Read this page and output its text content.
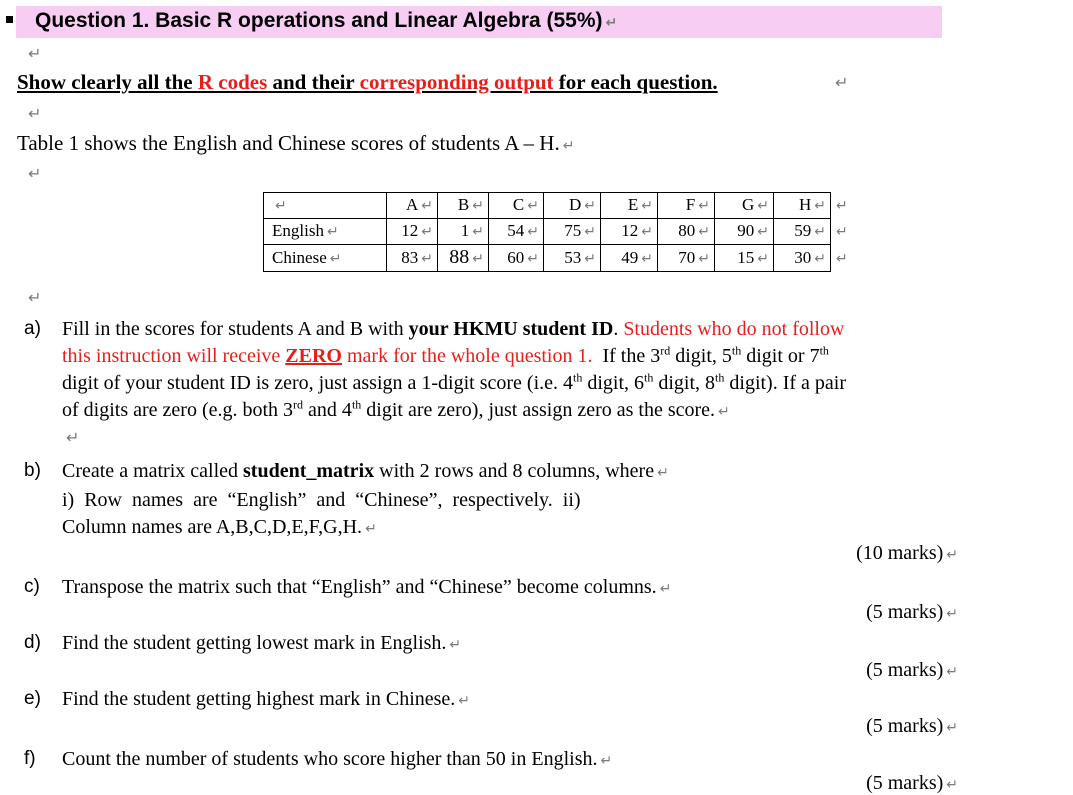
Question 1. Basic R operations and Linear Algebra (55%) ↵
↵
Show clearly all the R codes and their corresponding output for each question.	↵
↵
Table 1 shows the English and Chinese scores of students A – H. ↵
↵
↵	A ↵	B ↵	C ↵	D ↵	E ↵	F ↵	G ↵	H ↵	↵
English ↵	12 ↵	1 ↵	54 ↵	75 ↵	12 ↵	80 ↵	90 ↵	59 ↵	↵
Chinese ↵	83 ↵	88 ↵	60 ↵	53 ↵	49 ↵	70 ↵	15 ↵	30 ↵	↵
↵
a) Fill in the scores for students A and B with your HKMU student ID. Students who do not follow
this instruction will receive ZERO mark for the whole question 1. If the 3rd digit, 5th digit or 7th
digit of your student ID is zero, just assign a 1-digit score (i.e. 4th digit, 6th digit, 8th digit). If a pair
of digits are zero (e.g. both 3rd and 4th digit are zero), just assign zero as the score. ↵
↵
b) Create a matrix called student_matrix with 2 rows and 8 columns, where ↵
i)  Row  names  are  “English”  and  “Chinese”,  respectively.  ii)
Column names are A,B,C,D,E,F,G,H. ↵
(10 marks) ↵
c) Transpose the matrix such that “English” and “Chinese” become columns. ↵
(5 marks) ↵
d) Find the student getting lowest mark in English. ↵
(5 marks) ↵
e) Find the student getting highest mark in Chinese. ↵
(5 marks) ↵
f) Count the number of students who score higher than 50 in English. ↵
(5 marks) ↵
